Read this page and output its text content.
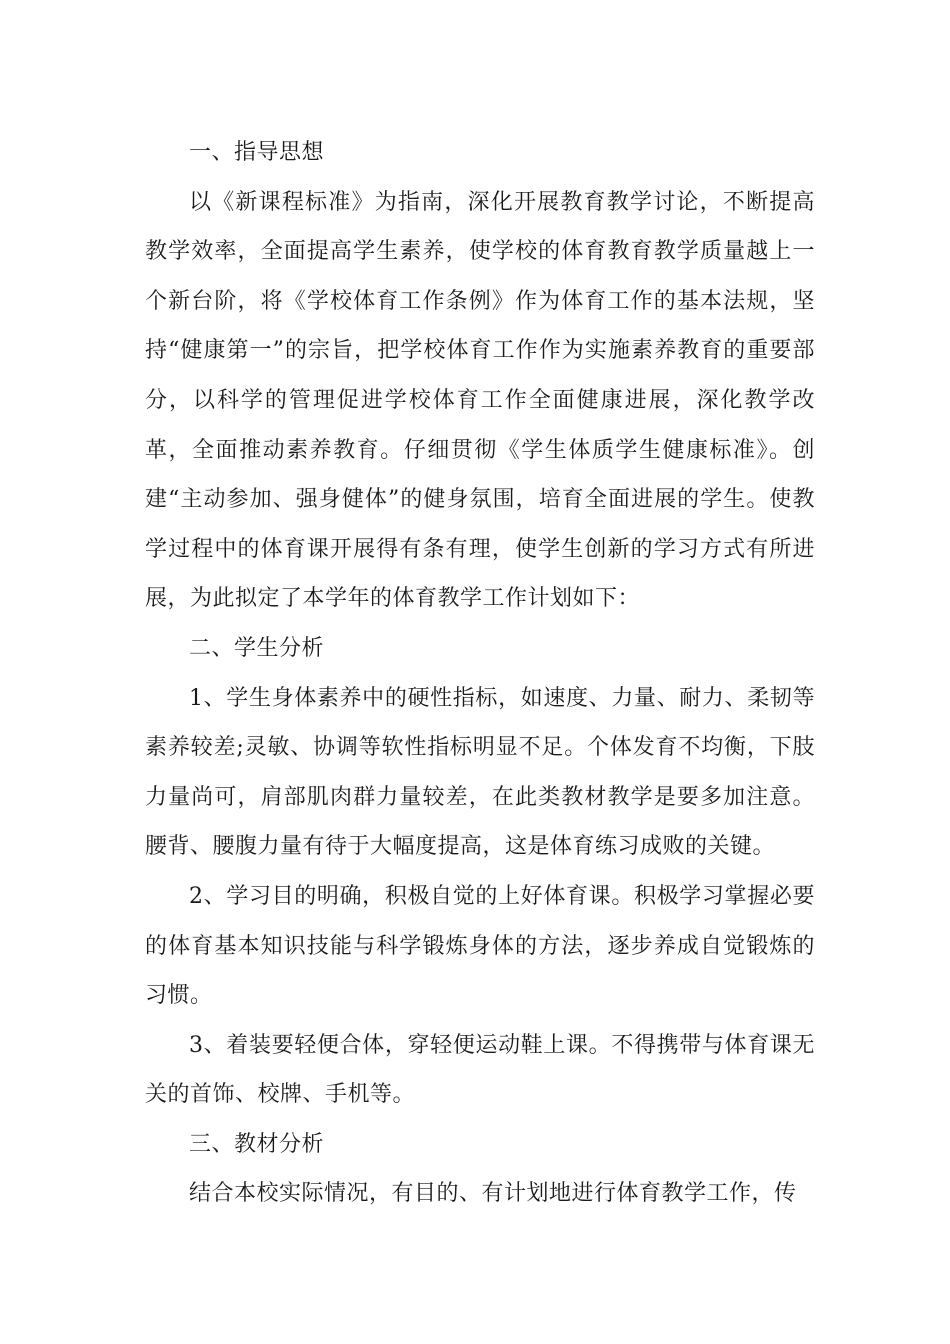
一、指导思想

以《新课程标准》为指南，深化开展教育教学讨论，不断提高教学效率，全面提高学生素养，使学校的体育教育教学质量越上一个新台阶，将《学校体育工作条例》作为体育工作的基本法规，坚持“健康第一”的宗旨，把学校体育工作作为实施素养教育的重要部分，以科学的管理促进学校体育工作全面健康进展，深化教学改革，全面推动素养教育。仔细贯彻《学生体质学生健康标准》。创建“主动参加、强身健体”的健身氛围，培育全面进展的学生。使教学过程中的体育课开展得有条有理，使学生创新的学习方式有所进展，为此拟定了本学年的体育教学工作计划如下：

二、学生分析

1、学生身体素养中的硬性指标，如速度、力量、耐力、柔韧等素养较差;灵敏、协调等软性指标明显不足。个体发育不均衡，下肢力量尚可，肩部肌肉群力量较差，在此类教材教学是要多加注意。腰背、腰腹力量有待于大幅度提高，这是体育练习成败的关键。

2、学习目的明确，积极自觉的上好体育课。积极学习掌握必要的体育基本知识技能与科学锻炼身体的方法，逐步养成自觉锻炼的习惯。

3、着装要轻便合体，穿轻便运动鞋上课。不得携带与体育课无关的首饰、校牌、手机等。

三、教材分析

结合本校实际情况，有目的、有计划地进行体育教学工作，传
